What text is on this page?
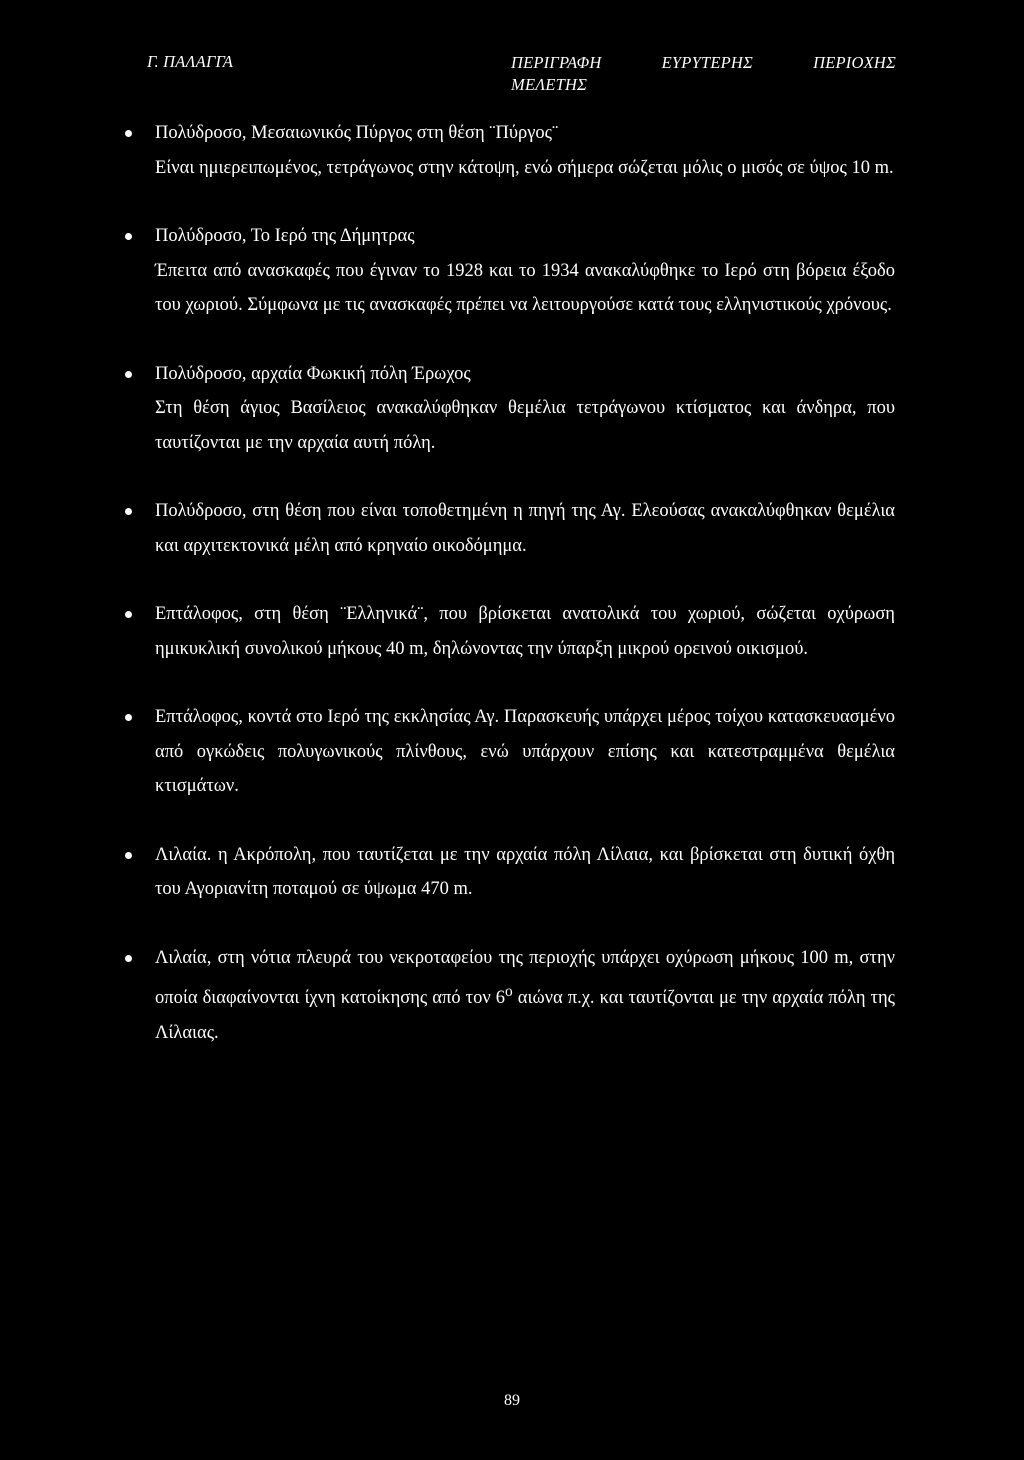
Γ. ΠΑΛΑΓΓΑ	ΠΕΡΙΓΡΑΦΗ	ΕΥΡΥΤΕΡΗΣ	ΠΕΡΙΟΧΗΣ
ΜΕΛΕΤΗΣ

Πολύδροσο, Μεσαιωνικός Πύργος στη θέση ¨Πύργος¨

Είναι ημιερειπωμένος, τετράγωνος στην κάτοψη, ενώ σήμερα σώζεται μόλις ο μισός σε ύψος 10 m.

Πολύδροσο, Το Ιερό της Δήμητρας

Έπειτα από ανασκαφές που έγιναν το 1928 και το 1934 ανακαλύφθηκε το Ιερό στη βόρεια έξοδο του χωριού. Σύμφωνα με τις ανασκαφές πρέπει να λειτουργούσε κατά τους ελληνιστικούς χρόνους.

Πολύδροσο, αρχαία Φωκική πόλη Έρωχος

Στη θέση άγιος Βασίλειος ανακαλύφθηκαν θεμέλια τετράγωνου κτίσματος και άνδηρα, που ταυτίζονται με την αρχαία αυτή πόλη.

Πολύδροσο, στη θέση που είναι τοποθετημένη η πηγή της Αγ. Ελεούσας ανακαλύφθηκαν θεμέλια και αρχιτεκτονικά μέλη από κρηναίο οικοδόμημα.

Επτάλοφος, στη θέση ¨Ελληνικά¨, που βρίσκεται ανατολικά του χωριού, σώζεται οχύρωση ημικυκλική συνολικού μήκους 40 m, δηλώνοντας την ύπαρξη μικρού ορεινού οικισμού.

Επτάλοφος, κοντά στο Ιερό της εκκλησίας Αγ. Παρασκευής υπάρχει μέρος τοίχου κατασκευασμένο από ογκώδεις πολυγωνικούς πλίνθους, ενώ υπάρχουν επίσης και κατεστραμμένα θεμέλια κτισμάτων.

Λιλαία. η Ακρόπολη, που ταυτίζεται με την αρχαία πόλη Λίλαια, και βρίσκεται στη δυτική όχθη του Αγοριανίτη ποταμού σε ύψωμα 470 m.

Λιλαία, στη νότια πλευρά του νεκροταφείου της περιοχής υπάρχει οχύρωση μήκους 100 m, στην οποία διαφαίνονται ίχνη κατοίκησης από τον $6^o$ αιώνα π.χ. και ταυτίζονται με την αρχαία πόλη της Λίλαιας.

89
